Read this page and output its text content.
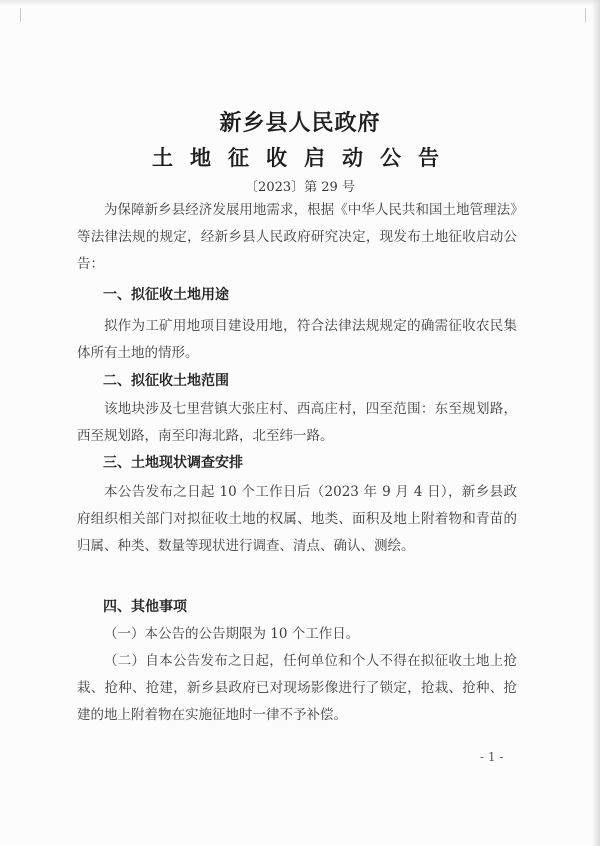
新乡县人民政府
土地征收启动公告
〔2023〕第 29 号
为保障新乡县经济发展用地需求，根据《中华人民共和国土地管理法》等法律法规的规定，经新乡县人民政府研究决定，现发布土地征收启动公告：
一、拟征收土地用途
拟作为工矿用地项目建设用地，符合法律法规规定的确需征收农民集体所有土地的情形。
二、拟征收土地范围
该地块涉及七里营镇大张庄村、西高庄村，四至范围：东至规划路，西至规划路，南至印海北路，北至纬一路。
三、土地现状调查安排
本公告发布之日起 10 个工作日后（2023 年 9 月 4 日），新乡县政府组织相关部门对拟征收土地的权属、地类、面积及地上附着物和青苗的归属、种类、数量等现状进行调查、清点、确认、测绘。
四、其他事项
（一）本公告的公告期限为 10 个工作日。
（二）自本公告发布之日起，任何单位和个人不得在拟征收土地上抢栽、抢种、抢建，新乡县政府已对现场影像进行了锁定，抢栽、抢种、抢建的地上附着物在实施征地时一律不予补偿。
- 1 -
